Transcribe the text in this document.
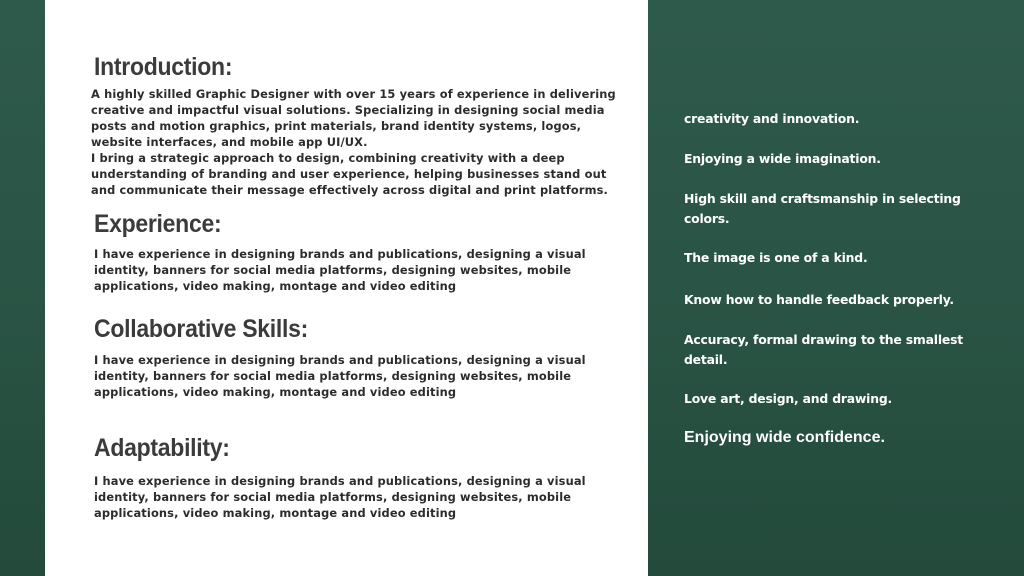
Introduction:

A highly skilled Graphic Designer with over 15 years of experience in delivering creative and impactful visual solutions. Specializing in designing social media posts and motion graphics, print materials, brand identity systems, logos, website interfaces, and mobile app UI/UX.

I bring a strategic approach to design, combining creativity with a deep understanding of branding and user experience, helping businesses stand out and communicate their message effectively across digital and print platforms.

Experience:

I have experience in designing brands and publications, designing a visual identity, banners for social media platforms, designing websites, mobile applications, video making, montage and video editing

Collaborative Skills:

I have experience in designing brands and publications, designing a visual identity, banners for social media platforms, designing websites, mobile applications, video making, montage and video editing

Adaptability:

I have experience in designing brands and publications, designing a visual identity, banners for social media platforms, designing websites, mobile applications, video making, montage and video editing

creativity and innovation.
Enjoying a wide imagination.
High skill and craftsmanship in selecting colors.
The image is one of a kind.
Know how to handle feedback properly.
Accuracy, formal drawing to the smallest detail.
Love art, design, and drawing.
Enjoying wide confidence.
